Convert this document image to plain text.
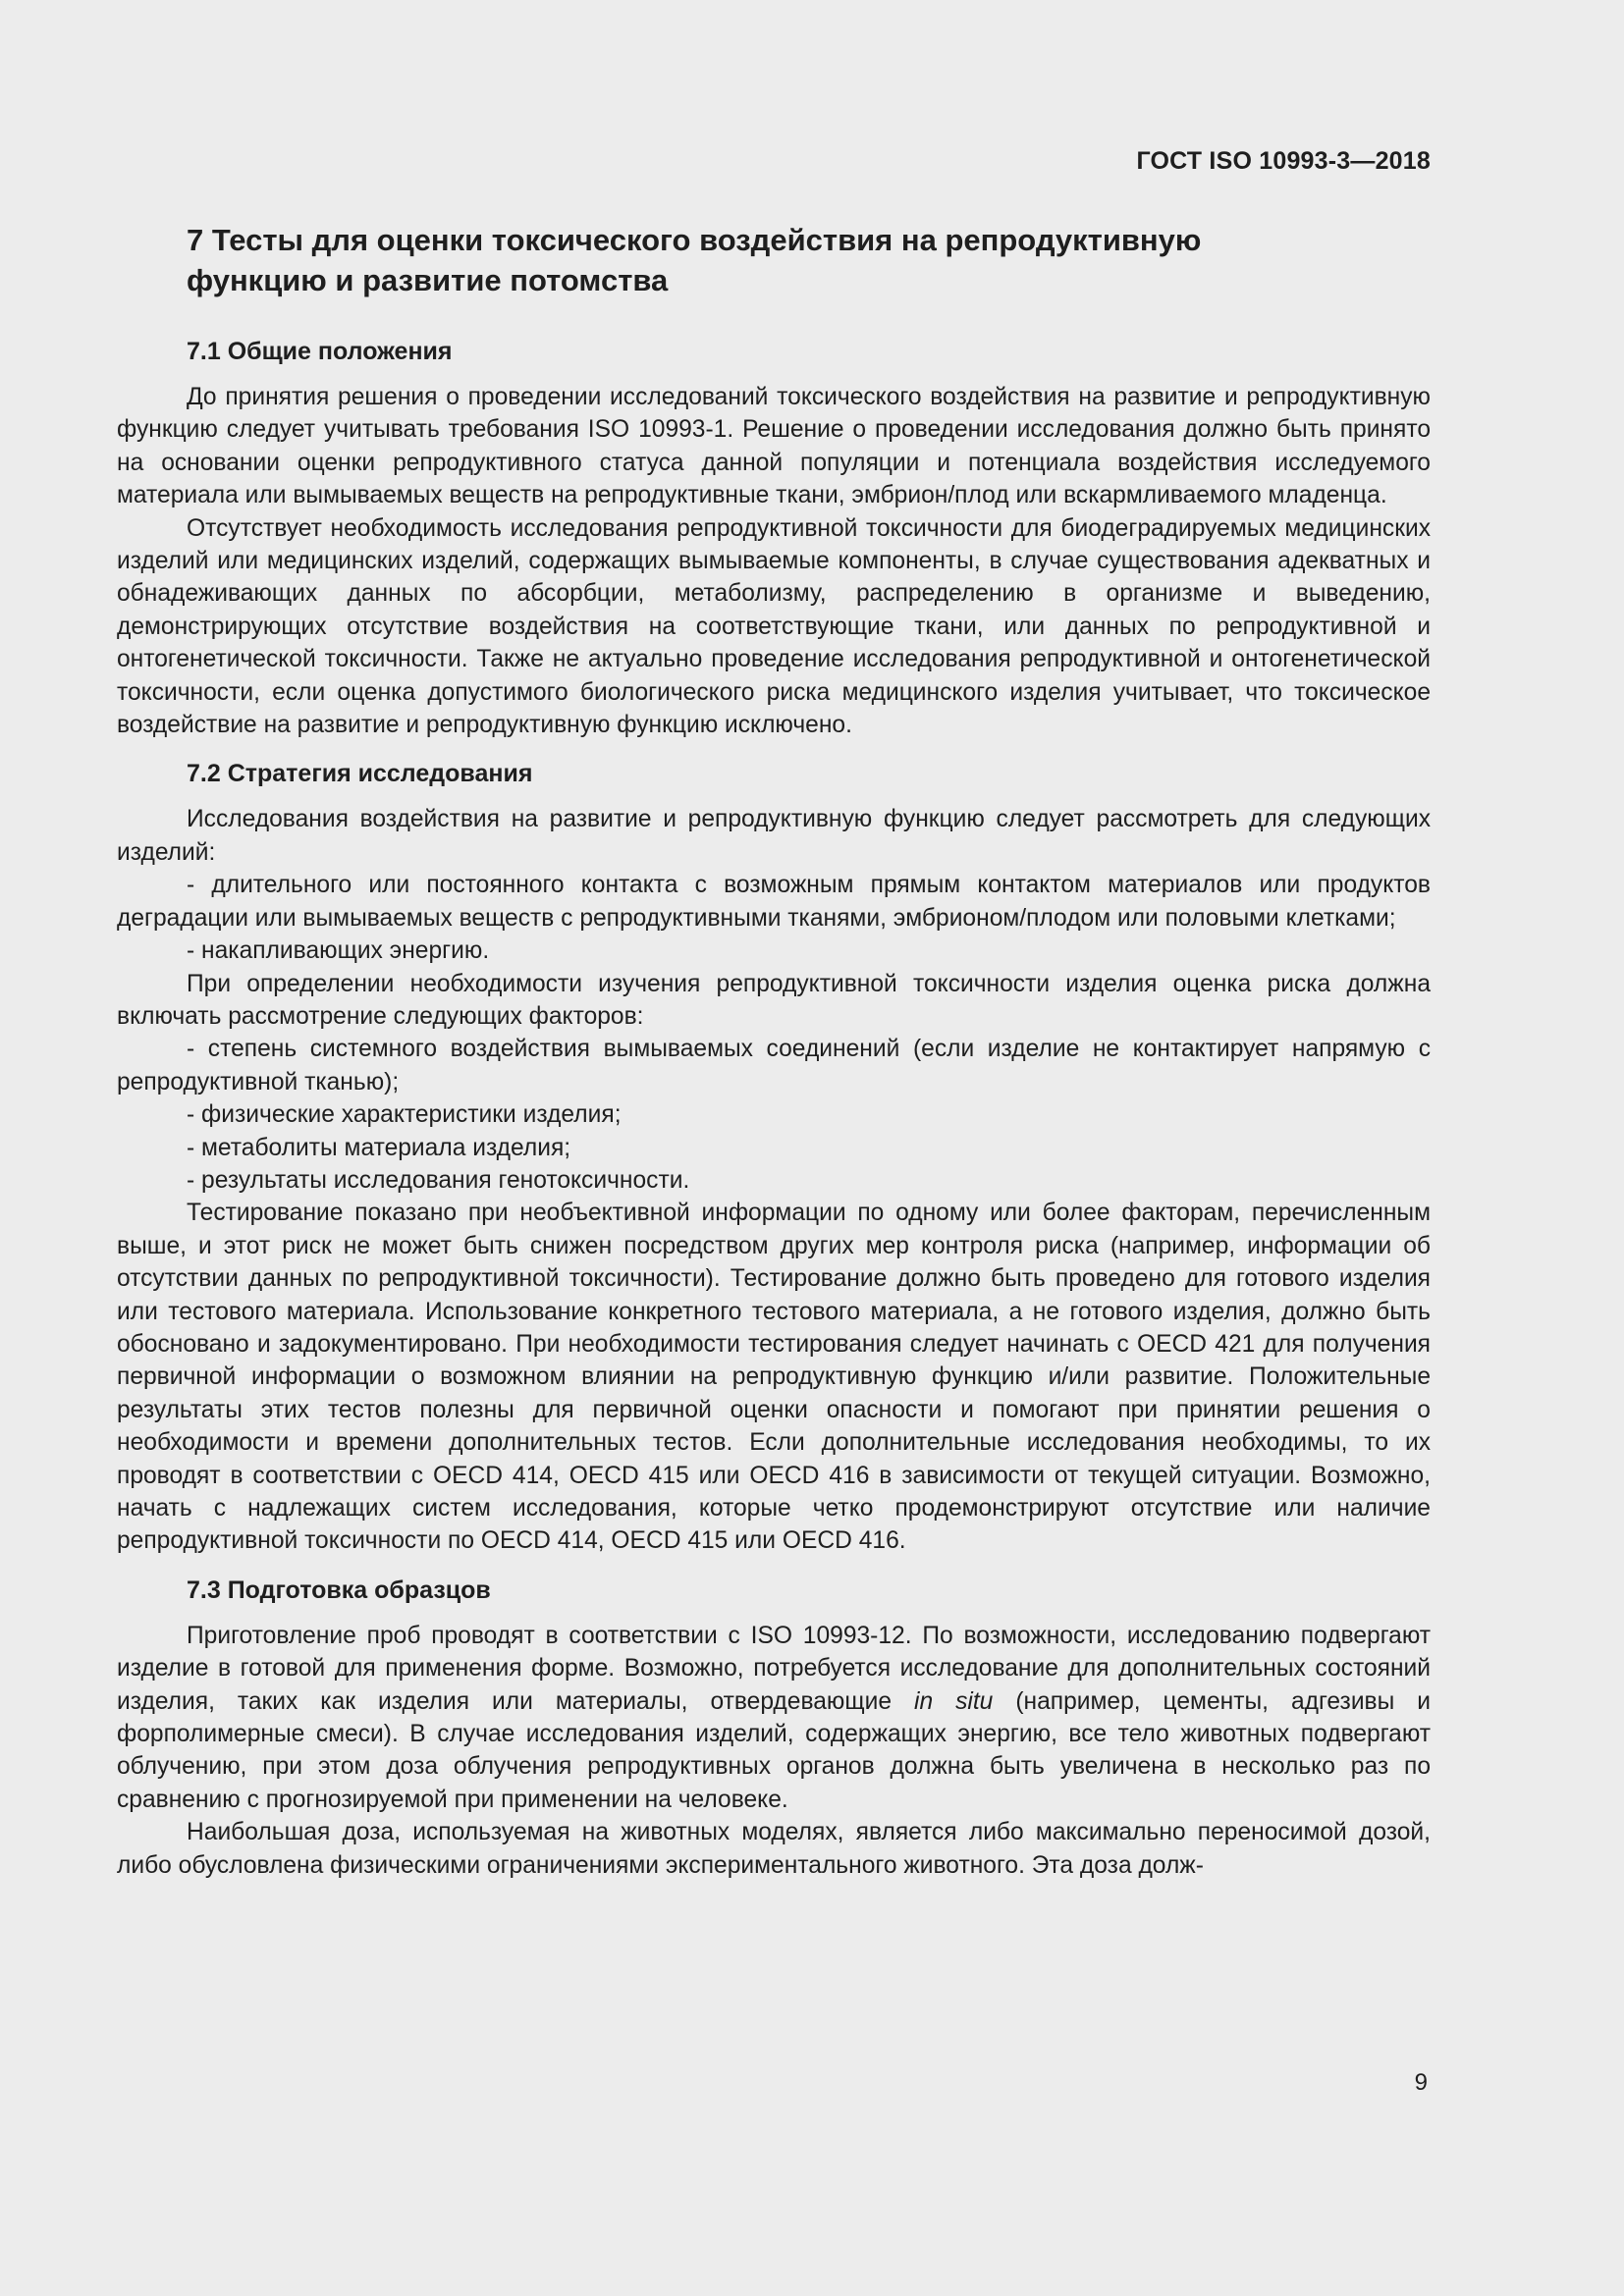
ГОСТ ISO 10993-3—2018
7 Тесты для оценки токсического воздействия на репродуктивную
функцию и развитие потомства
7.1 Общие положения

До принятия решения о проведении исследований токсического воздействия на развитие и репродуктивную функцию следует учитывать требования ISO 10993-1. Решение о проведении исследования должно быть принято на основании оценки репродуктивного статуса данной популяции и потенциала воздействия исследуемого материала или вымываемых веществ на репродуктивные ткани, эмбрион/плод или вскармливаемого младенца.

Отсутствует необходимость исследования репродуктивной токсичности для биодеградируемых медицинских изделий или медицинских изделий, содержащих вымываемые компоненты, в случае существования адекватных и обнадеживающих данных по абсорбции, метаболизму, распределению в организме и выведению, демонстрирующих отсутствие воздействия на соответствующие ткани, или данных по репродуктивной и онтогенетической токсичности. Также не актуально проведение исследования репродуктивной и онтогенетической токсичности, если оценка допустимого биологического риска медицинского изделия учитывает, что токсическое воздействие на развитие и репродуктивную функцию исключено.

7.2 Стратегия исследования

Исследования воздействия на развитие и репродуктивную функцию следует рассмотреть для следующих изделий:

- длительного или постоянного контакта с возможным прямым контактом материалов или продуктов деградации или вымываемых веществ с репродуктивными тканями, эмбрионом/плодом или половыми клетками;

- накапливающих энергию.

При определении необходимости изучения репродуктивной токсичности изделия оценка риска должна включать рассмотрение следующих факторов:

- степень системного воздействия вымываемых соединений (если изделие не контактирует напрямую с репродуктивной тканью);

- физические характеристики изделия;

- метаболиты материала изделия;

- результаты исследования генотоксичности.

Тестирование показано при необъективной информации по одному или более факторам, перечисленным выше, и этот риск не может быть снижен посредством других мер контроля риска (например, информации об отсутствии данных по репродуктивной токсичности). Тестирование должно быть проведено для готового изделия или тестового материала. Использование конкретного тестового материала, а не готового изделия, должно быть обосновано и задокументировано. При необходимости тестирования следует начинать с OECD 421 для получения первичной информации о возможном влиянии на репродуктивную функцию и/или развитие. Положительные результаты этих тестов полезны для первичной оценки опасности и помогают при принятии решения о необходимости и времени дополнительных тестов. Если дополнительные исследования необходимы, то их проводят в соответствии с OECD 414, OECD 415 или OECD 416 в зависимости от текущей ситуации. Возможно, начать с надлежащих систем исследования, которые четко продемонстрируют отсутствие или наличие репродуктивной токсичности по OECD 414, OECD 415 или OECD 416.

7.3 Подготовка образцов

Приготовление проб проводят в соответствии с ISO 10993-12. По возможности, исследованию подвергают изделие в готовой для применения форме. Возможно, потребуется исследование для дополнительных состояний изделия, таких как изделия или материалы, отвердевающие in situ (например, цементы, адгезивы и форполимерные смеси). В случае исследования изделий, содержащих энергию, все тело животных подвергают облучению, при этом доза облучения репродуктивных органов должна быть увеличена в несколько раз по сравнению с прогнозируемой при применении на человеке.

Наибольшая доза, используемая на животных моделях, является либо максимально переносимой дозой, либо обусловлена физическими ограничениями экспериментального животного. Эта доза долж-

9
